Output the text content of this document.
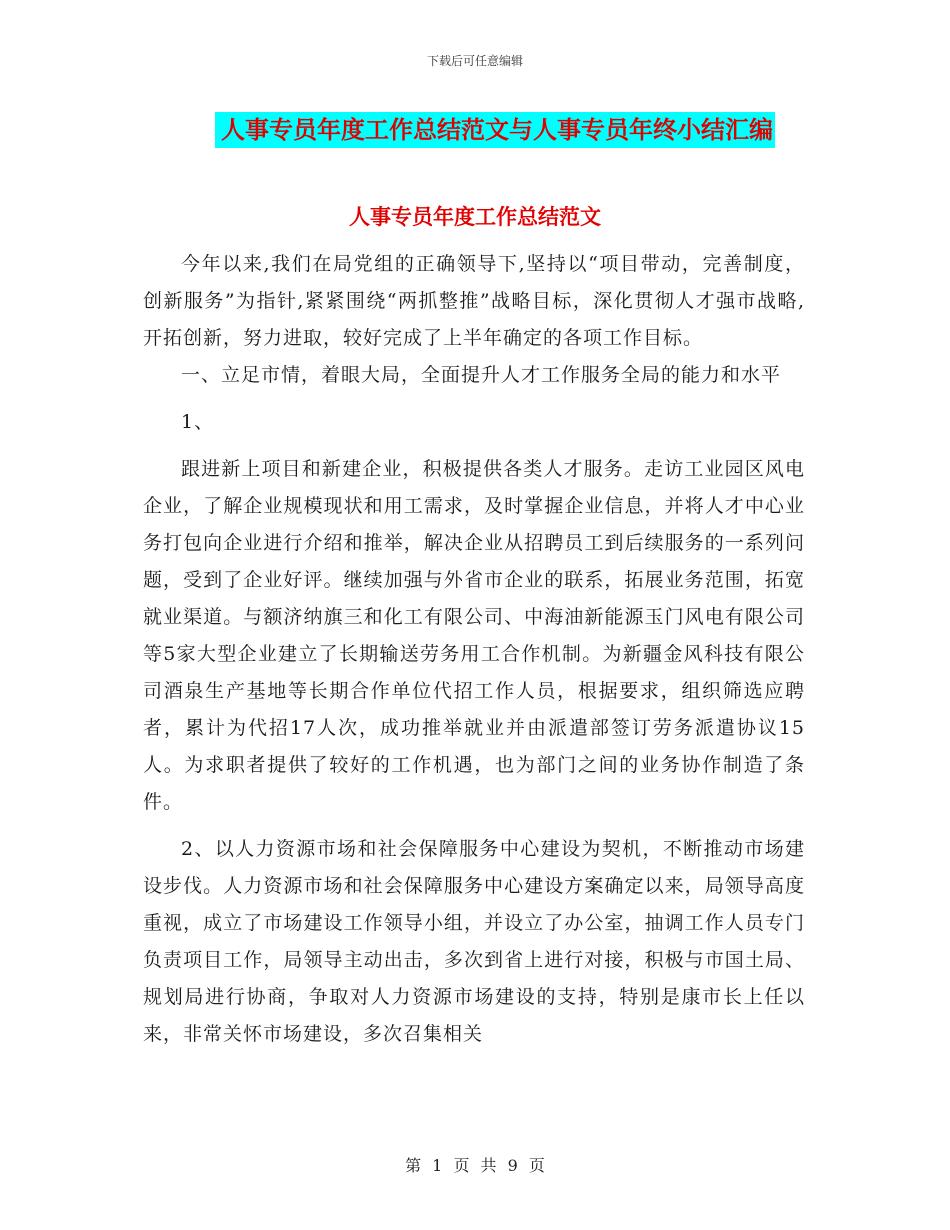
下载后可任意编辑
人事专员年度工作总结范文与人事专员年终小结汇编
人事专员年度工作总结范文

今年以来,我们在局党组的正确领导下,坚持以“项目带动，完善制度，创新服务”为指针,紧紧围绕“两抓整推”战略目标，深化贯彻人才强市战略,开拓创新，努力进取，较好完成了上半年确定的各项工作目标。

一、立足市情，着眼大局，全面提升人才工作服务全局的能力和水平

1、

跟进新上项目和新建企业，积极提供各类人才服务。走访工业园区风电企业，了解企业规模现状和用工需求，及时掌握企业信息，并将人才中心业务打包向企业进行介绍和推举，解决企业从招聘员工到后续服务的一系列问题，受到了企业好评。继续加强与外省市企业的联系，拓展业务范围，拓宽就业渠道。与额济纳旗三和化工有限公司、中海油新能源玉门风电有限公司等5家大型企业建立了长期输送劳务用工合作机制。为新疆金风科技有限公司酒泉生产基地等长期合作单位代招工作人员，根据要求，组织筛选应聘者，累计为代招17人次，成功推举就业并由派遣部签订劳务派遣协议15人。为求职者提供了较好的工作机遇，也为部门之间的业务协作制造了条件。

2、以人力资源市场和社会保障服务中心建设为契机，不断推动市场建设步伐。人力资源市场和社会保障服务中心建设方案确定以来，局领导高度重视，成立了市场建设工作领导小组，并设立了办公室，抽调工作人员专门负责项目工作，局领导主动出击，多次到省上进行对接，积极与市国土局、规划局进行协商，争取对人力资源市场建设的支持，特别是康市长上任以来，非常关怀市场建设，多次召集相关

第 1 页 共 9 页
